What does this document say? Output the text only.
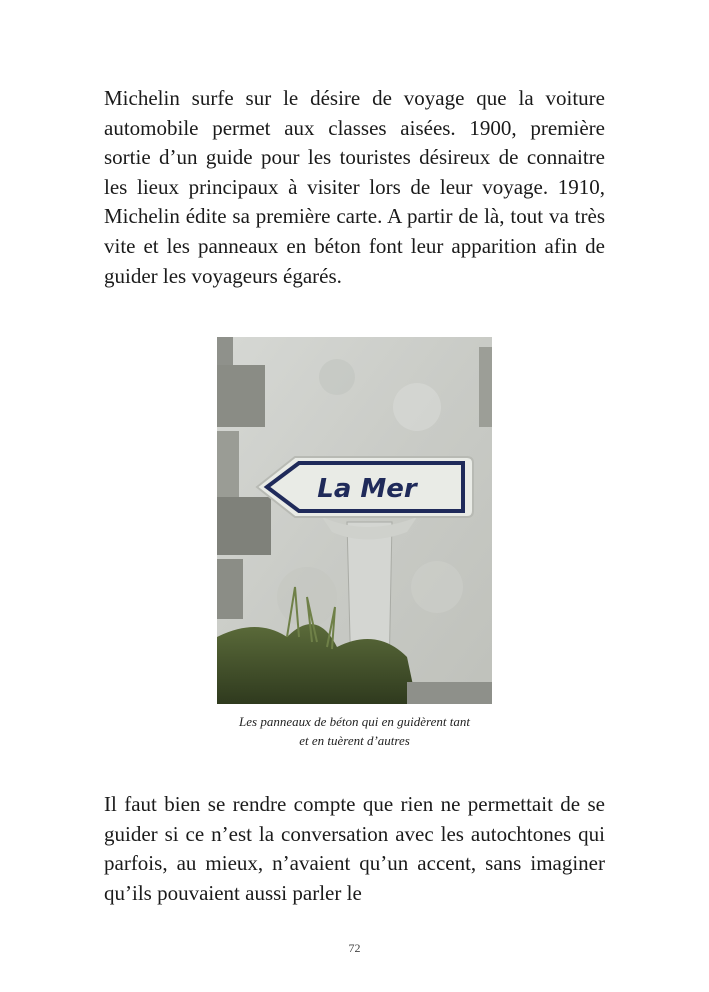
Michelin surfe sur le désire de voyage que la voiture automobile permet aux classes aisées. 1900, première sortie d’un guide pour les touristes désireux de connaitre les lieux principaux à visiter lors de leur voyage. 1910, Michelin édite sa première carte. A partir de là, tout va très vite et les panneaux en béton font leur apparition afin de guider les voyageurs égarés.

La Mer
Les panneaux de béton qui en guidèrent tant
et en tuèrent d’autres

Il faut bien se rendre compte que rien ne permettait de se guider si ce n’est la conversation avec les autochtones qui parfois, au mieux, n’avaient qu’un accent, sans imaginer qu’ils pouvaient aussi parler le

72
